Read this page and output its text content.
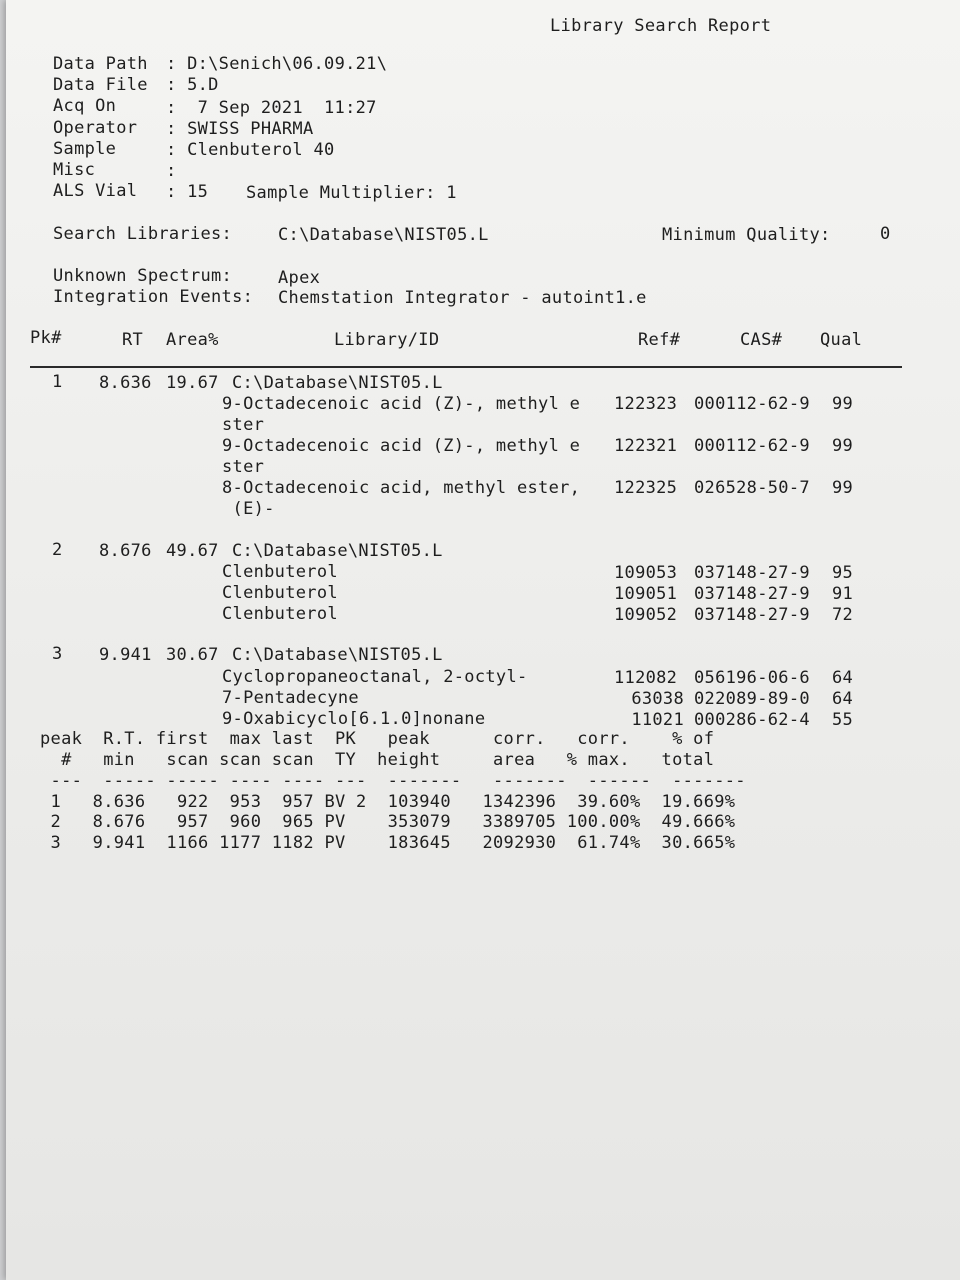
Library Search Report
Data Path : D:\Senich\06.09.21\
Data File : 5.D
Acq On	:  7 Sep 2021  11:27
Operator : SWISS PHARMA
Sample	: Clenbuterol 40
Misc	:
ALS Vial : 15 Sample Multiplier: 1
Search Libraries:	C:\Database\NIST05.L	Minimum Quality:	0
Unknown Spectrum:	Apex
Integration Events: Chemstation Integrator - autoint1.e
Pk#	RT Area%	Library/ID	Ref#	CAS# Qual
1 8.636 19.67 C:\Database\NIST05.L
9-Octadecenoic acid (Z)-, methyl e 122323 000112-62-9 99
ster
9-Octadecenoic acid (Z)-, methyl e 122321 000112-62-9 99
ster
8-Octadecenoic acid, methyl ester, 122325 026528-50-7 99
(E)-
2 8.676 49.67 C:\Database\NIST05.L
Clenbuterol	109053 037148-27-9 95
Clenbuterol	109051 037148-27-9 91
Clenbuterol	109052 037148-27-9 72
3 9.941 30.67 C:\Database\NIST05.L
Cyclopropaneoctanal, 2-octyl-	112082 056196-06-6 64
7-Pentadecyne	63038 022089-89-0 64
9-Oxabicyclo[6.1.0]nonane	11021 000286-62-4 55
peak  R.T. first  max last  PK   peak      corr.   corr.    % of
#   min   scan scan scan  TY  height     area   % max.   total
---  ----- ----- ---- ---- ---  -------   -------  ------  -------
1   8.636   922  953  957 BV 2  103940   1342396  39.60%  19.669%
2   8.676   957  960  965 PV    353079   3389705 100.00%  49.666%
3   9.941  1166 1177 1182 PV    183645   2092930  61.74%  30.665%
